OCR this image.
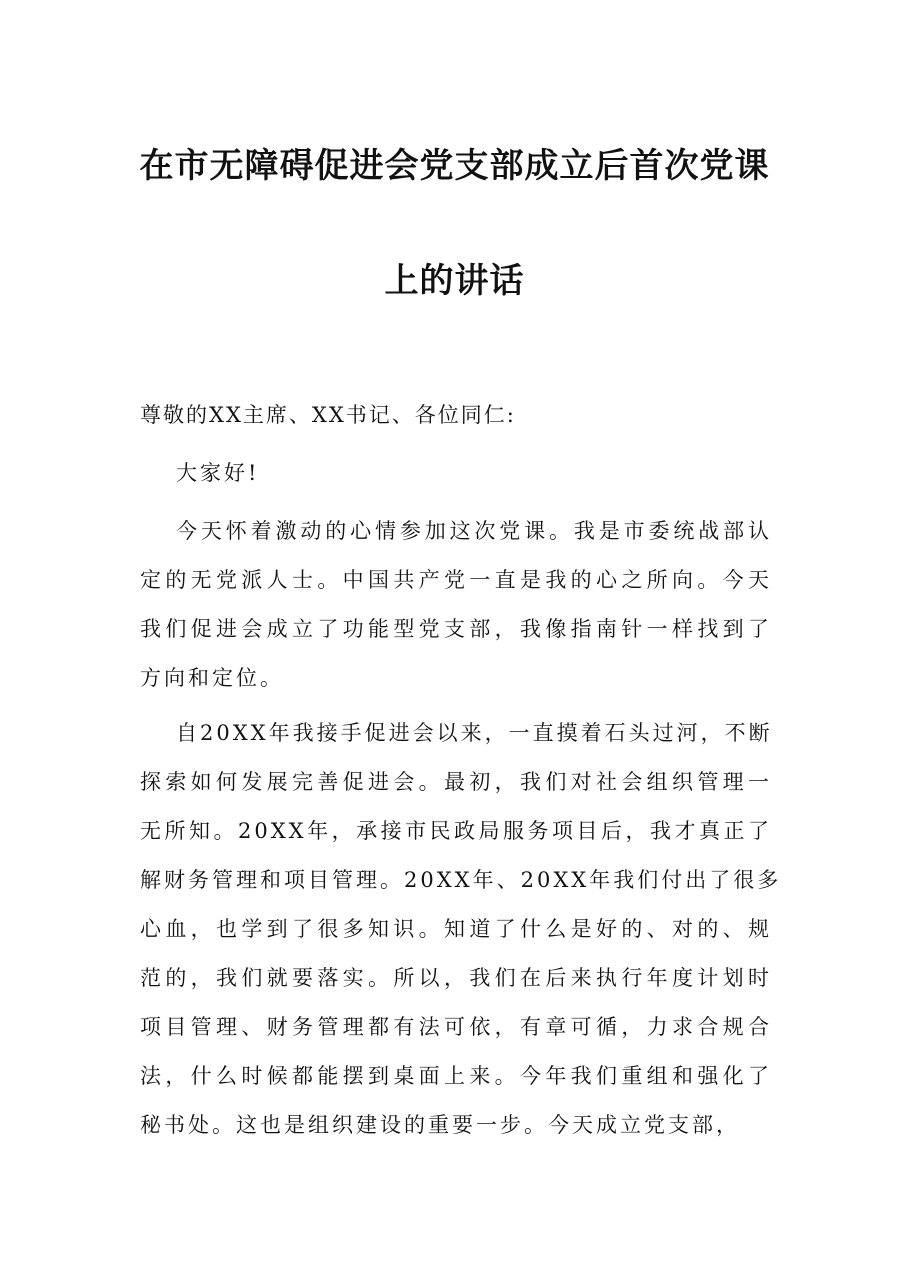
在市无障碍促进会党支部成立后首次党课
上的讲话
尊敬的XX主席、XX书记、各位同仁:
大家好!
今天怀着激动的心情参加这次党课。我是市委统战部认
定的无党派人士。中国共产党一直是我的心之所向。今天
我们促进会成立了功能型党支部，我像指南针一样找到了
方向和定位。
自20XX年我接手促进会以来，一直摸着石头过河，不断
探索如何发展完善促进会。最初，我们对社会组织管理一
无所知。20XX年，承接市民政局服务项目后，我才真正了
解财务管理和项目管理。20XX年、20XX年我们付出了很多
心血，也学到了很多知识。知道了什么是好的、对的、规
范的，我们就要落实。所以，我们在后来执行年度计划时
项目管理、财务管理都有法可依，有章可循，力求合规合
法，什么时候都能摆到桌面上来。今年我们重组和强化了
秘书处。这也是组织建设的重要一步。今天成立党支部，
